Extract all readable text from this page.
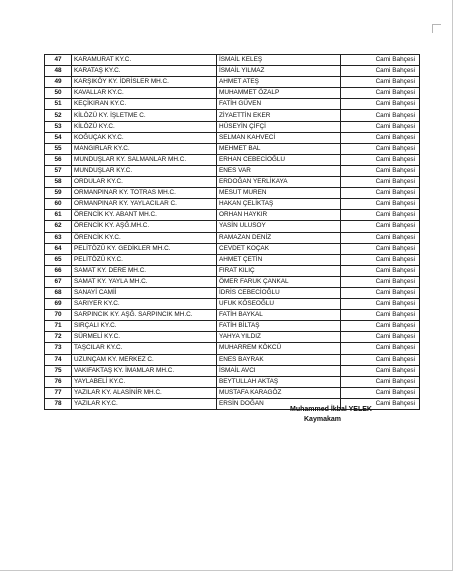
47	KARAMURAT KY.C.	İSMAİL KELEŞ	Cami Bahçesi
48	KARATAŞ KY.C.	İSMAİL YILMAZ	Cami Bahçesi
49	KARŞIKÖY KY. İDRİSLER MH.C.	AHMET ATEŞ	Cami Bahçesi
50	KAVALLAR KY.C.	MUHAMMET ÖZALP	Cami Bahçesi
51	KEÇİKIRAN KY.C.	FATİH GÜVEN	Cami Bahçesi
52	KİLÖZÜ KY. İŞLETME C.	ZİYAETTİN EKER	Cami Bahçesi
53	KİLÖZÜ KY.C.	HÜSEYİN ÇİFÇİ	Cami Bahçesi
54	KOĞUÇAK KY.C.	SELMAN KAHVECİ	Cami Bahçesi
55	MANGIRLAR KY.C.	MEHMET BAL	Cami Bahçesi
56	MUNDUŞLAR KY. SALMANLAR MH.C.	ERHAN CEBECİOĞLU	Cami Bahçesi
57	MUNDUŞLAR KY.C.	ENES VAR	Cami Bahçesi
58	ORDULAR KY.C.	ERDOĞAN YERLİKAYA	Cami Bahçesi
59	ORMANPINAR KY. TOTRAS MH.C.	MESUT MUREN	Cami Bahçesi
60	ORMANPINAR KY. YAYLACILAR C.	HAKAN ÇELİKTAŞ	Cami Bahçesi
61	ÖRENCİK KY. ABANT MH.C.	ORHAN HAYKIR	Cami Bahçesi
62	ÖRENCİK KY. AŞĞ.MH.C.	YASİN ULUSOY	Cami Bahçesi
63	ÖRENCİK KY.C.	RAMAZAN DENİZ	Cami Bahçesi
64	PELİTÖZÜ KY. GEDİKLER MH.C.	CEVDET KOÇAK	Cami Bahçesi
65	PELİTÖZÜ KY.C.	AHMET ÇETİN	Cami Bahçesi
66	SAMAT KY. DERE MH.C.	FIRAT KILIÇ	Cami Bahçesi
67	SAMAT KY. YAYLA MH.C.	ÖMER FARUK ÇANKAL	Cami Bahçesi
68	SANAYİ CAMİİ	İDRİS CEBECİOĞLU	Cami Bahçesi
69	SARIYER KY.C.	UFUK KÖSEOĞLU	Cami Bahçesi
70	SARPINCIK KY. AŞĞ. SARPINCIK MH.C.	FATİH BAYKAL	Cami Bahçesi
71	SIRÇALI KY.C.	FATİH BİLTAŞ	Cami Bahçesi
72	SÜRMELİ KY.C.	YAHYA YILDIZ	Cami Bahçesi
73	TAŞCILAR KY.C.	MUHARREM KÖKCÜ	Cami Bahçesi
74	UZUNÇAM KY. MERKEZ C.	ENES BAYRAK	Cami Bahçesi
75	VAKIFAKTAŞ KY. İMAMLAR MH.C.	İSMAİL AVCI	Cami Bahçesi
76	YAYLABELİ KY.C.	BEYTULLAH AKTAŞ	Cami Bahçesi
77	YAZILAR KY. ALASİNİR MH.C.	MUSTAFA KARAGÖZ	Cami Bahçesi
78	YAZILAR KY.C.	ERSİN DOĞAN	Cami Bahçesi
Muhammed İkbal YELEK
Kaymakam
